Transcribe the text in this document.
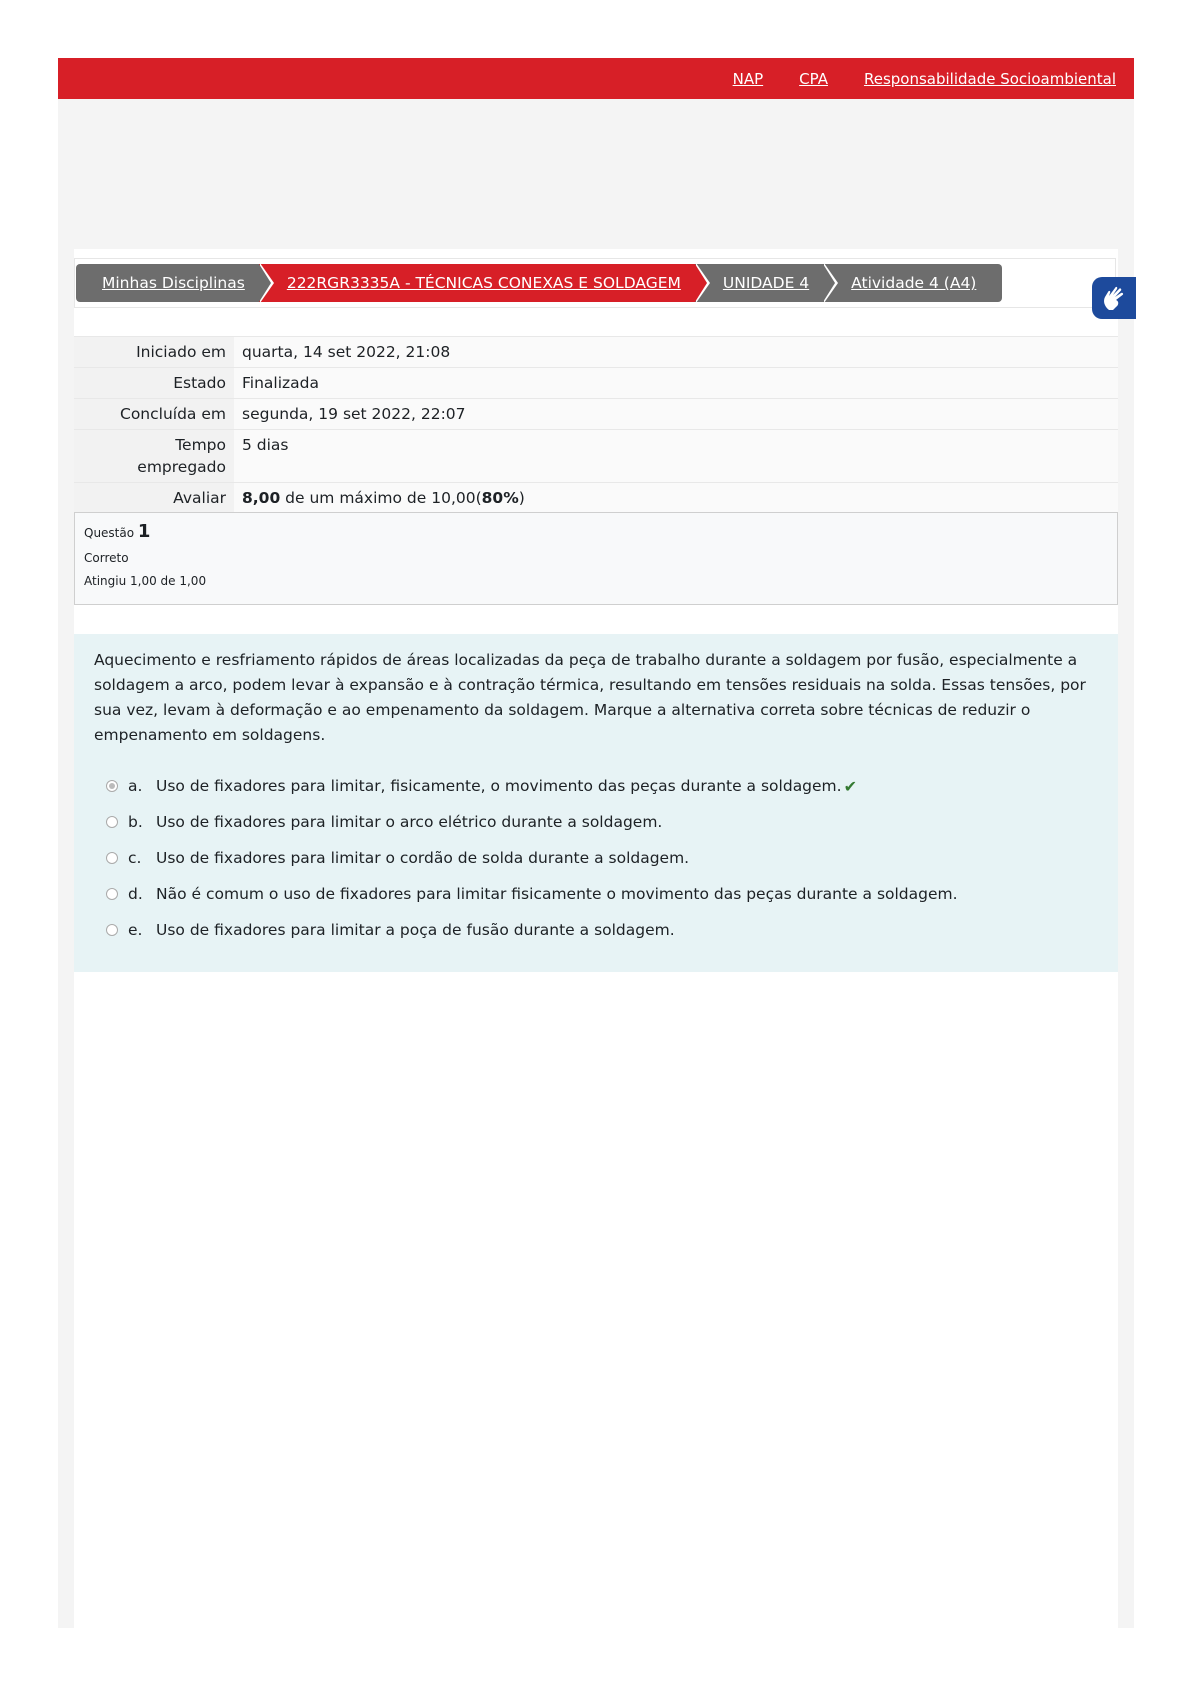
NAP CPA Responsabilidade Socioambiental
Minhas Disciplinas	222RGR3335A - TÉCNICAS CONEXAS E SOLDAGEM	UNIDADE 4	Atividade 4 (A4)
Iniciado em	quarta, 14 set 2022, 21:08
Estado	Finalizada
Concluída em	segunda, 19 set 2022, 22:07
Tempo
empregado	5 dias
Avaliar	8,00 de um máximo de 10,00(80%)
Questão 1
Correto
Atingiu 1,00 de 1,00

Aquecimento e resfriamento rápidos de áreas localizadas da peça de trabalho durante a soldagem por fusão, especialmente a soldagem a arco, podem levar à expansão e à contração térmica, resultando em tensões residuais na solda. Essas tensões, por sua vez, levam à deformação e ao empenamento da soldagem. Marque a alternativa correta sobre técnicas de reduzir o empenamento em soldagens.

a. Uso de fixadores para limitar, fisicamente, o movimento das peças durante a soldagem. ✔
b. Uso de fixadores para limitar o arco elétrico durante a soldagem.
c. Uso de fixadores para limitar o cordão de solda durante a soldagem.
d. Não é comum o uso de fixadores para limitar fisicamente o movimento das peças durante a soldagem.
e. Uso de fixadores para limitar a poça de fusão durante a soldagem.
